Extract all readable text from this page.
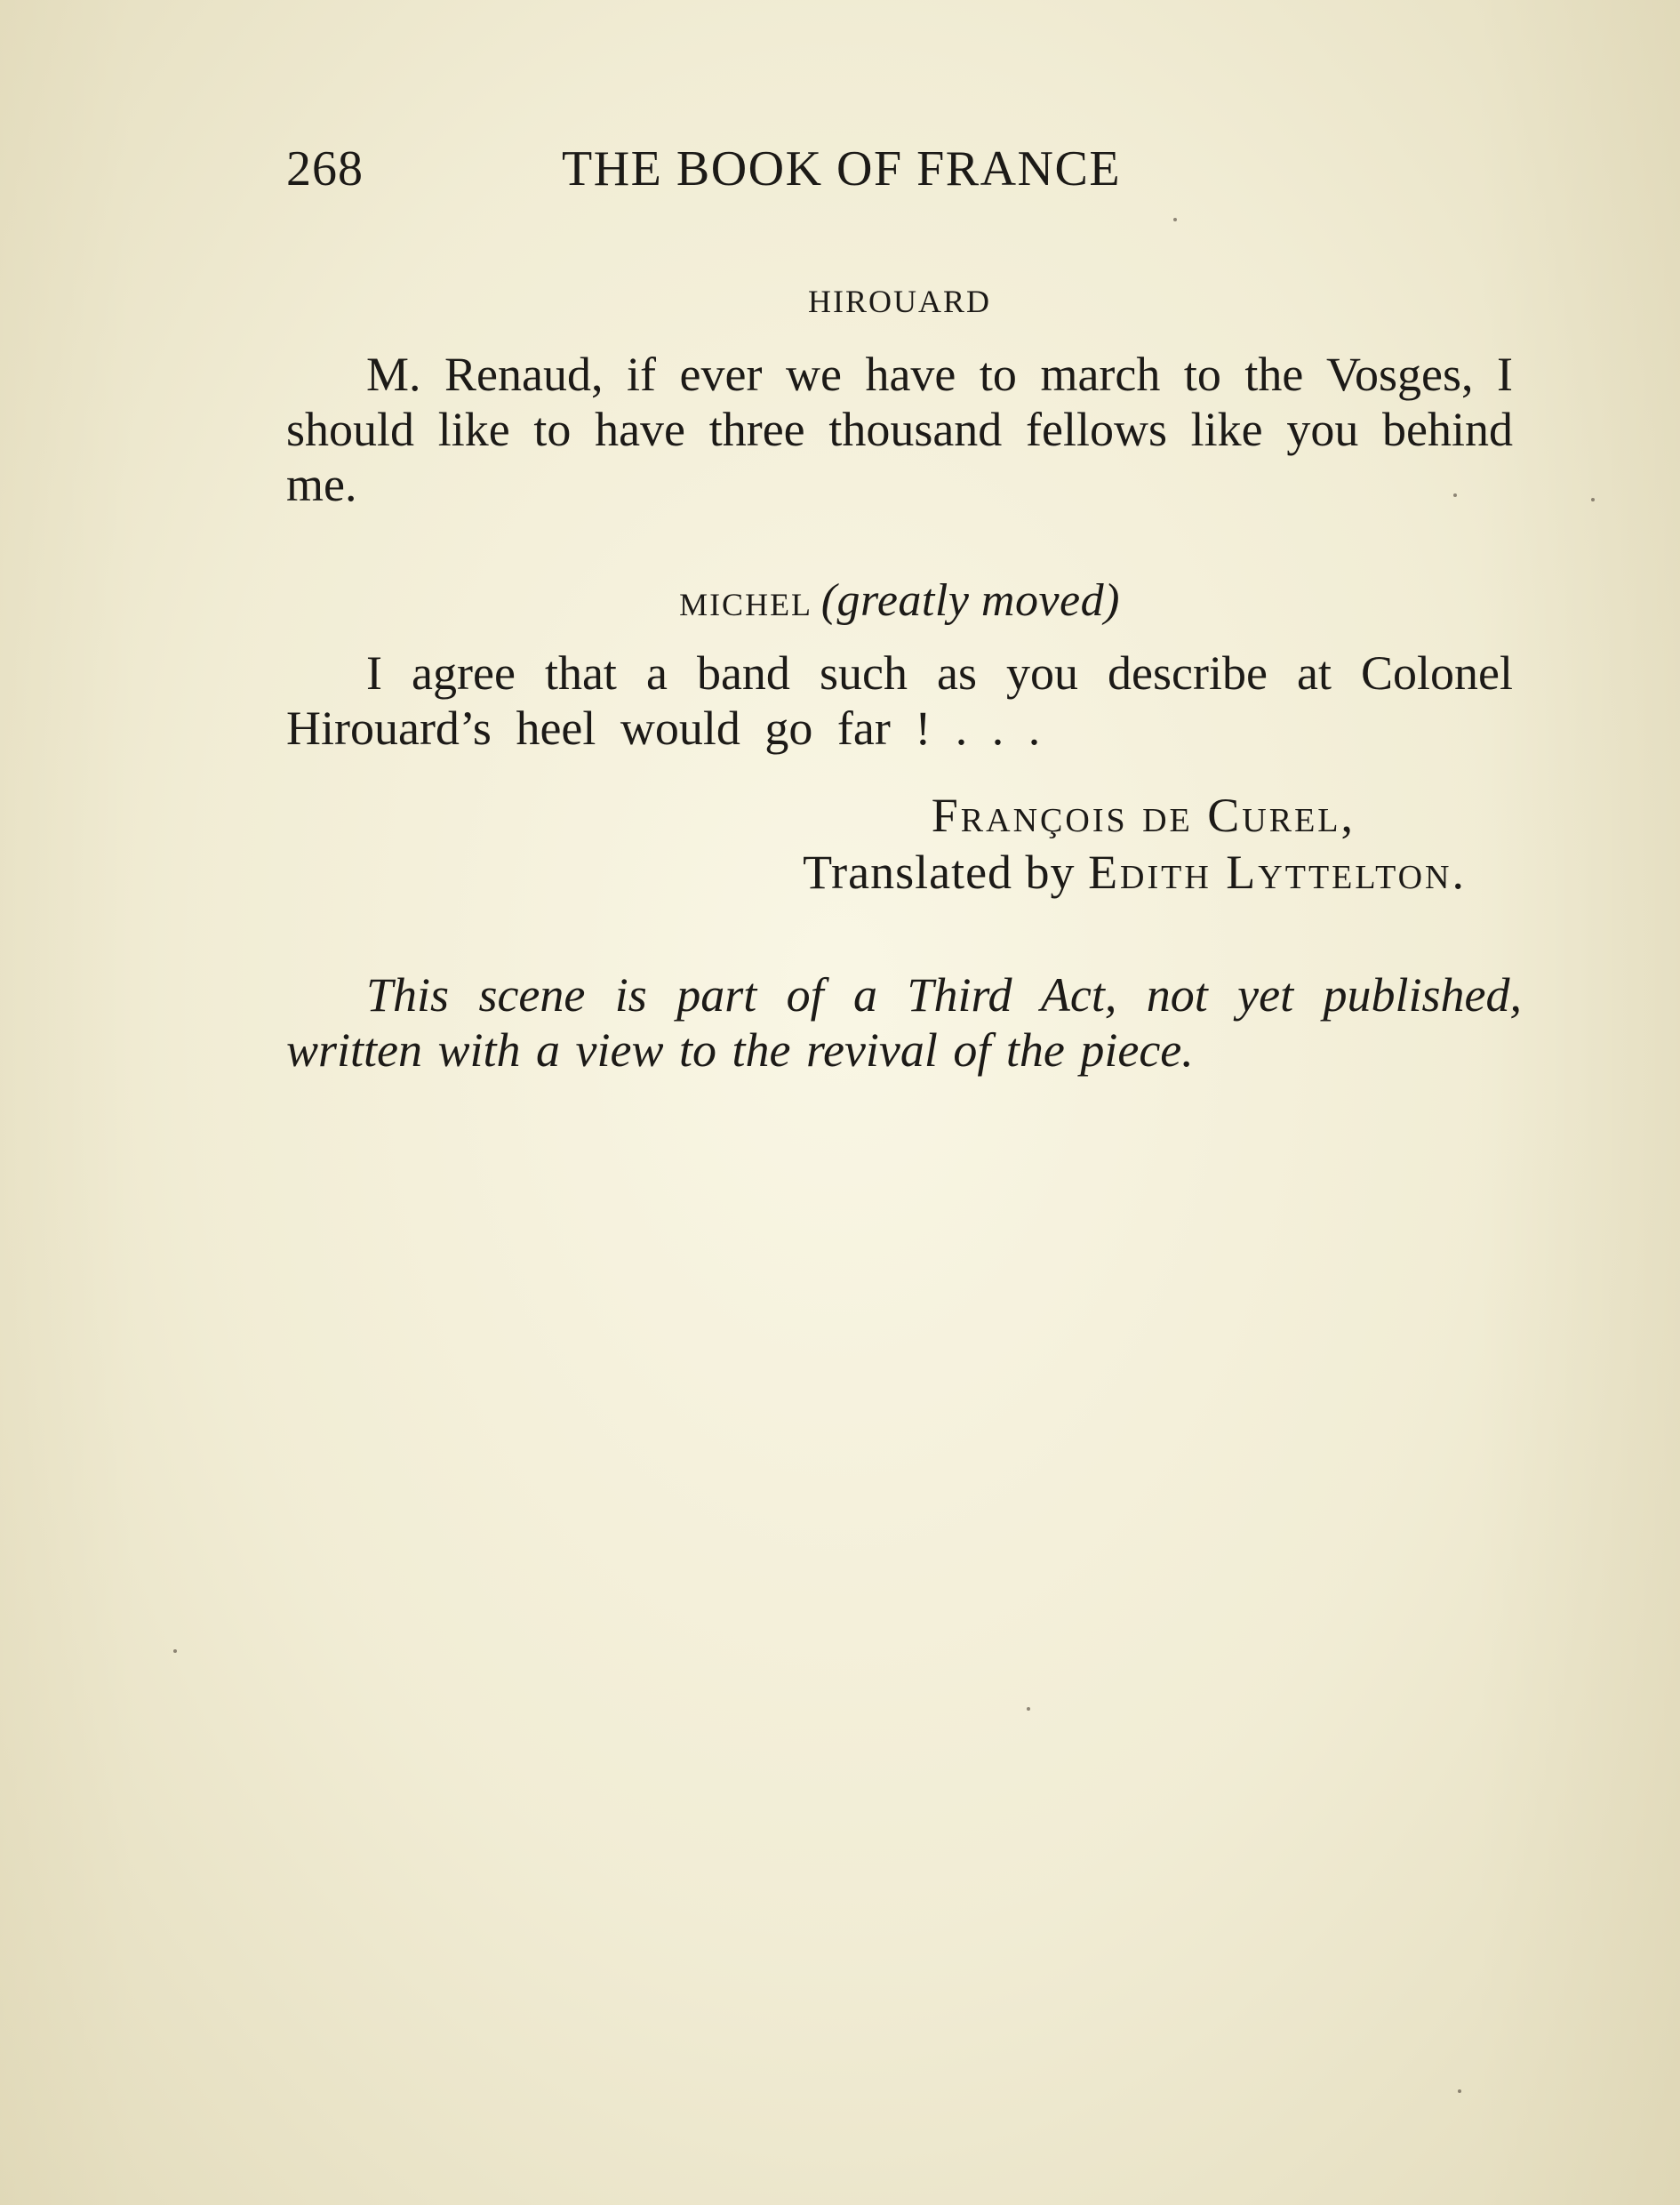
268	THE BOOK OF FRANCE
HIROUARD

M. Renaud, if ever we have to march to the Vosges, I should like to have three thousand fellows like you behind me.

MICHEL (greatly moved)

I agree that a band such as you describe at Colonel Hirouard’s heel would go far ! . . .

François de Curel,
Translated by Edith Lyttelton.

This scene is part of a Third Act, not yet published, written with a view to the revival of the piece.
